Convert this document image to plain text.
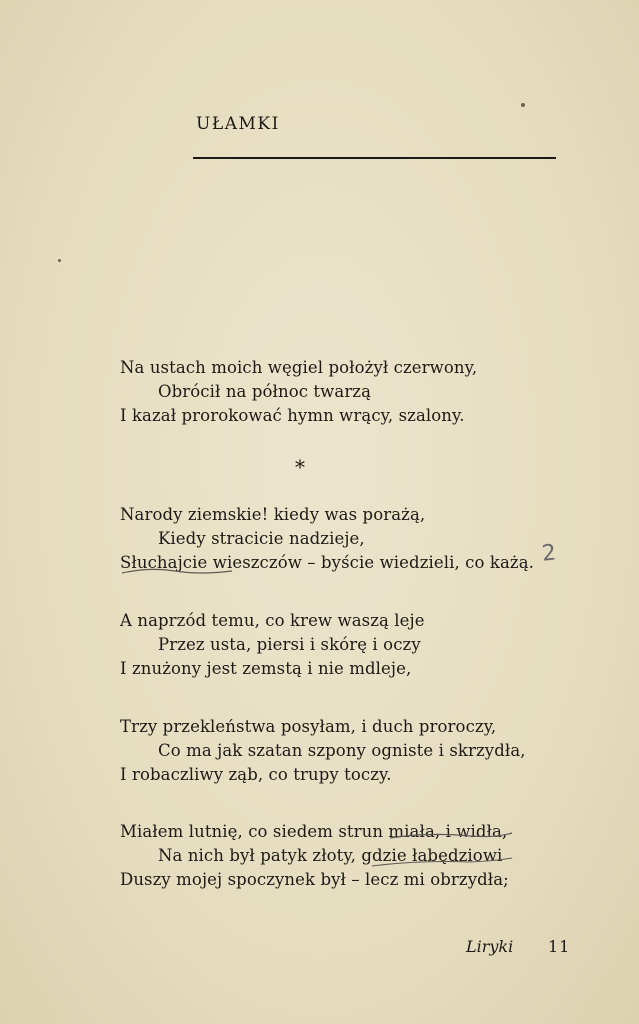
UŁAMKI
Na ustach moich węgiel położył czerwony,
Obrócił na północ twarzą
I kazał prorokować hymn wrący, szalony.
*
Narody ziemskie! kiedy was porażą,
Kiedy stracicie nadzieje,
Słuchajcie wieszczów – byście wiedzieli, co każą.
A naprzód temu, co krew waszą leje
Przez usta, piersi i skórę i oczy
I znużony jest zemstą i nie mdleje,
Trzy przekleństwa posyłam, i duch proroczy,
Co ma jak szatan szpony ogniste i skrzydła,
I robaczliwy ząb, co trupy toczy.
Miałem lutnię, co siedem strun miała, i widła,
Na nich był patyk złoty, gdzie łabędziowi
Duszy mojej spoczynek był – lecz mi obrzydła;
2
Liryki 11
